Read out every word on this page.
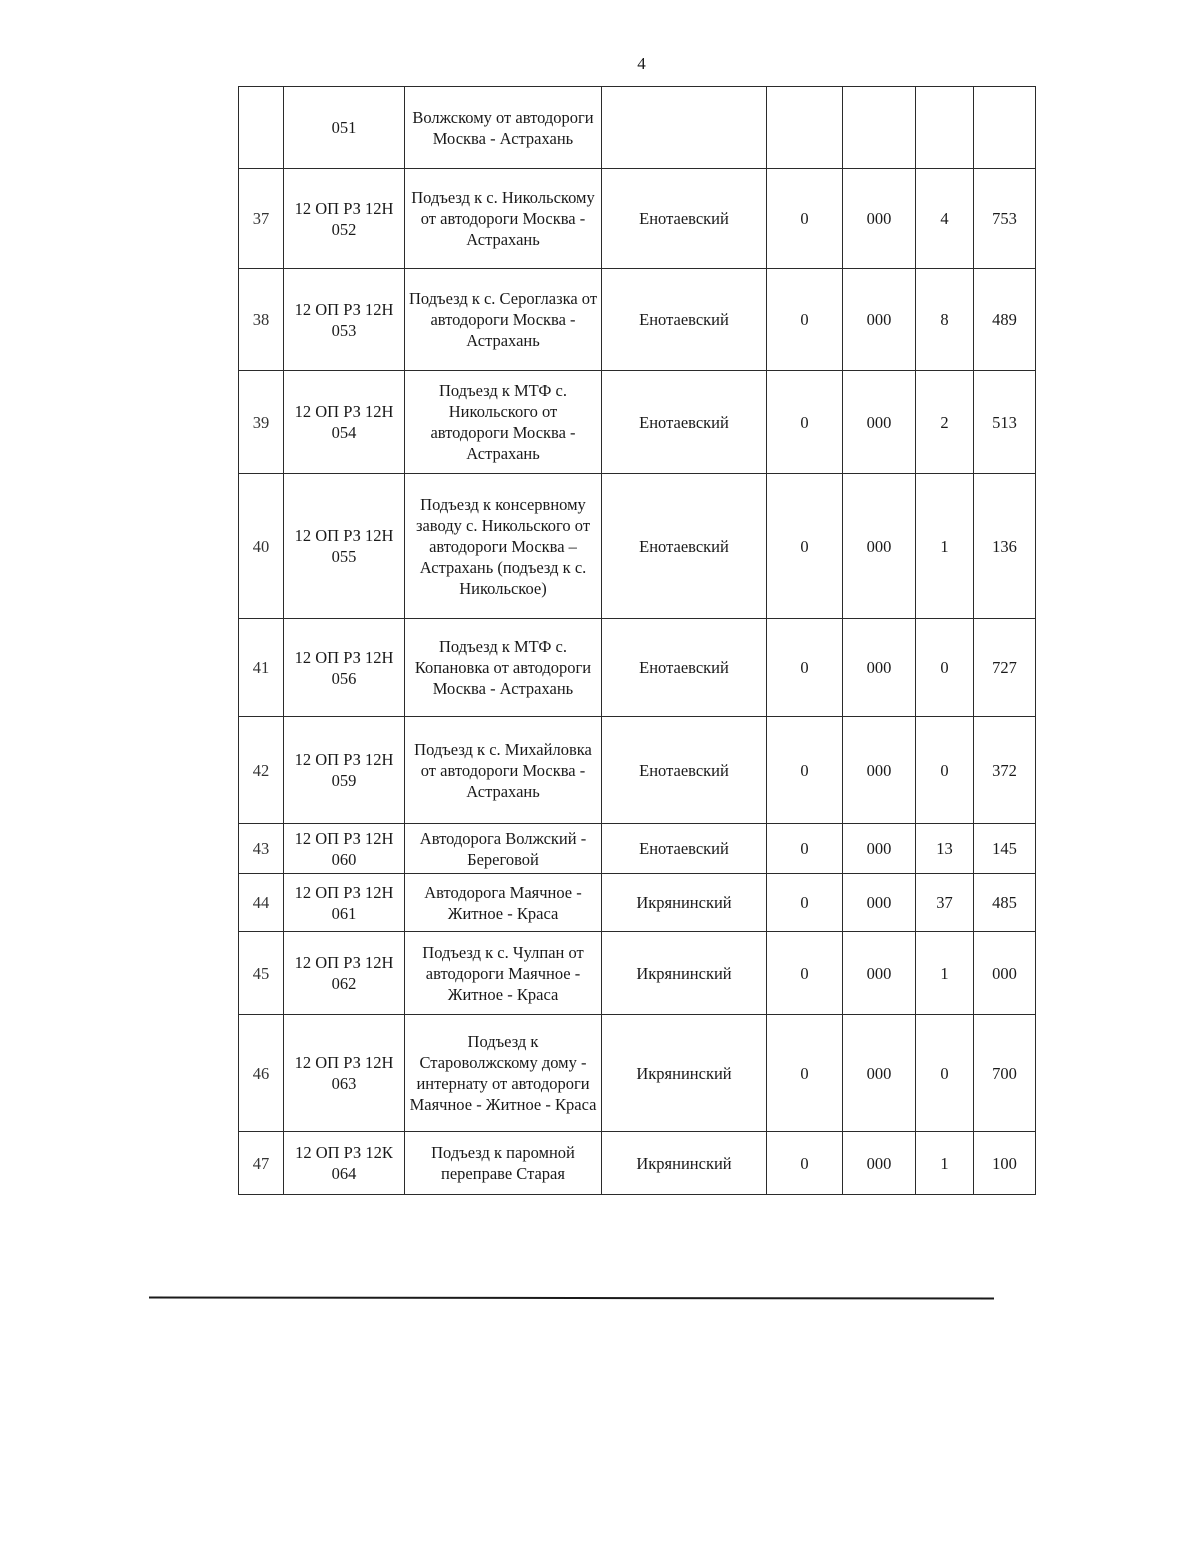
4
	051	Волжскому от автодороги Москва - Астрахань					
37	12 ОП РЗ 12Н 052	Подъезд к с. Никольскому от автодороги Москва - Астрахань	Енотаевский	0	000	4	753
38	12 ОП РЗ 12Н 053	Подъезд к с. Сероглазка от автодороги Москва - Астрахань	Енотаевский	0	000	8	489
39	12 ОП РЗ 12Н 054	Подъезд к МТФ с. Никольского от автодороги Москва - Астрахань	Енотаевский	0	000	2	513
40	12 ОП РЗ 12Н 055	Подъезд к консервному заводу с. Никольского от автодороги Москва – Астрахань (подъезд к с. Никольское)	Енотаевский	0	000	1	136
41	12 ОП РЗ 12Н 056	Подъезд к МТФ с. Копановка от автодороги Москва - Астрахань	Енотаевский	0	000	0	727
42	12 ОП РЗ 12Н 059	Подъезд к с. Михайловка от автодороги Москва - Астрахань	Енотаевский	0	000	0	372
43	12 ОП РЗ 12Н 060	Автодорога Волжский - Береговой	Енотаевский	0	000	13	145
44	12 ОП РЗ 12Н 061	Автодорога Маячное - Житное - Краса	Икрянинский	0	000	37	485
45	12 ОП РЗ 12Н 062	Подъезд к с. Чулпан от автодороги Маячное - Житное - Краса	Икрянинский	0	000	1	000
46	12 ОП РЗ 12Н 063	Подъезд к Староволжскому дому - интернату от автодороги Маячное - Житное - Краса	Икрянинский	0	000	0	700
47	12 ОП РЗ 12К 064	Подъезд к паромной переправе Старая	Икрянинский	0	000	1	100
